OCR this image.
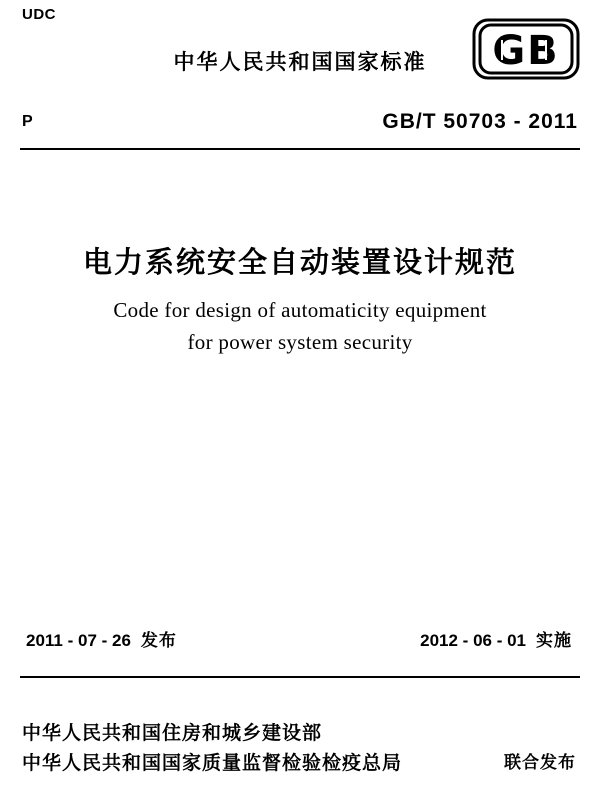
UDC
中华人民共和国国家标准	GB
P	GB/T 50703 - 2011
电力系统安全自动装置设计规范
Code for design of automaticity equipment
for power system security
2011 - 07 - 26 发布	2012 - 06 - 01 实施
中华人民共和国住房和城乡建设部
中华人民共和国国家质量监督检验检疫总局	联合发布
